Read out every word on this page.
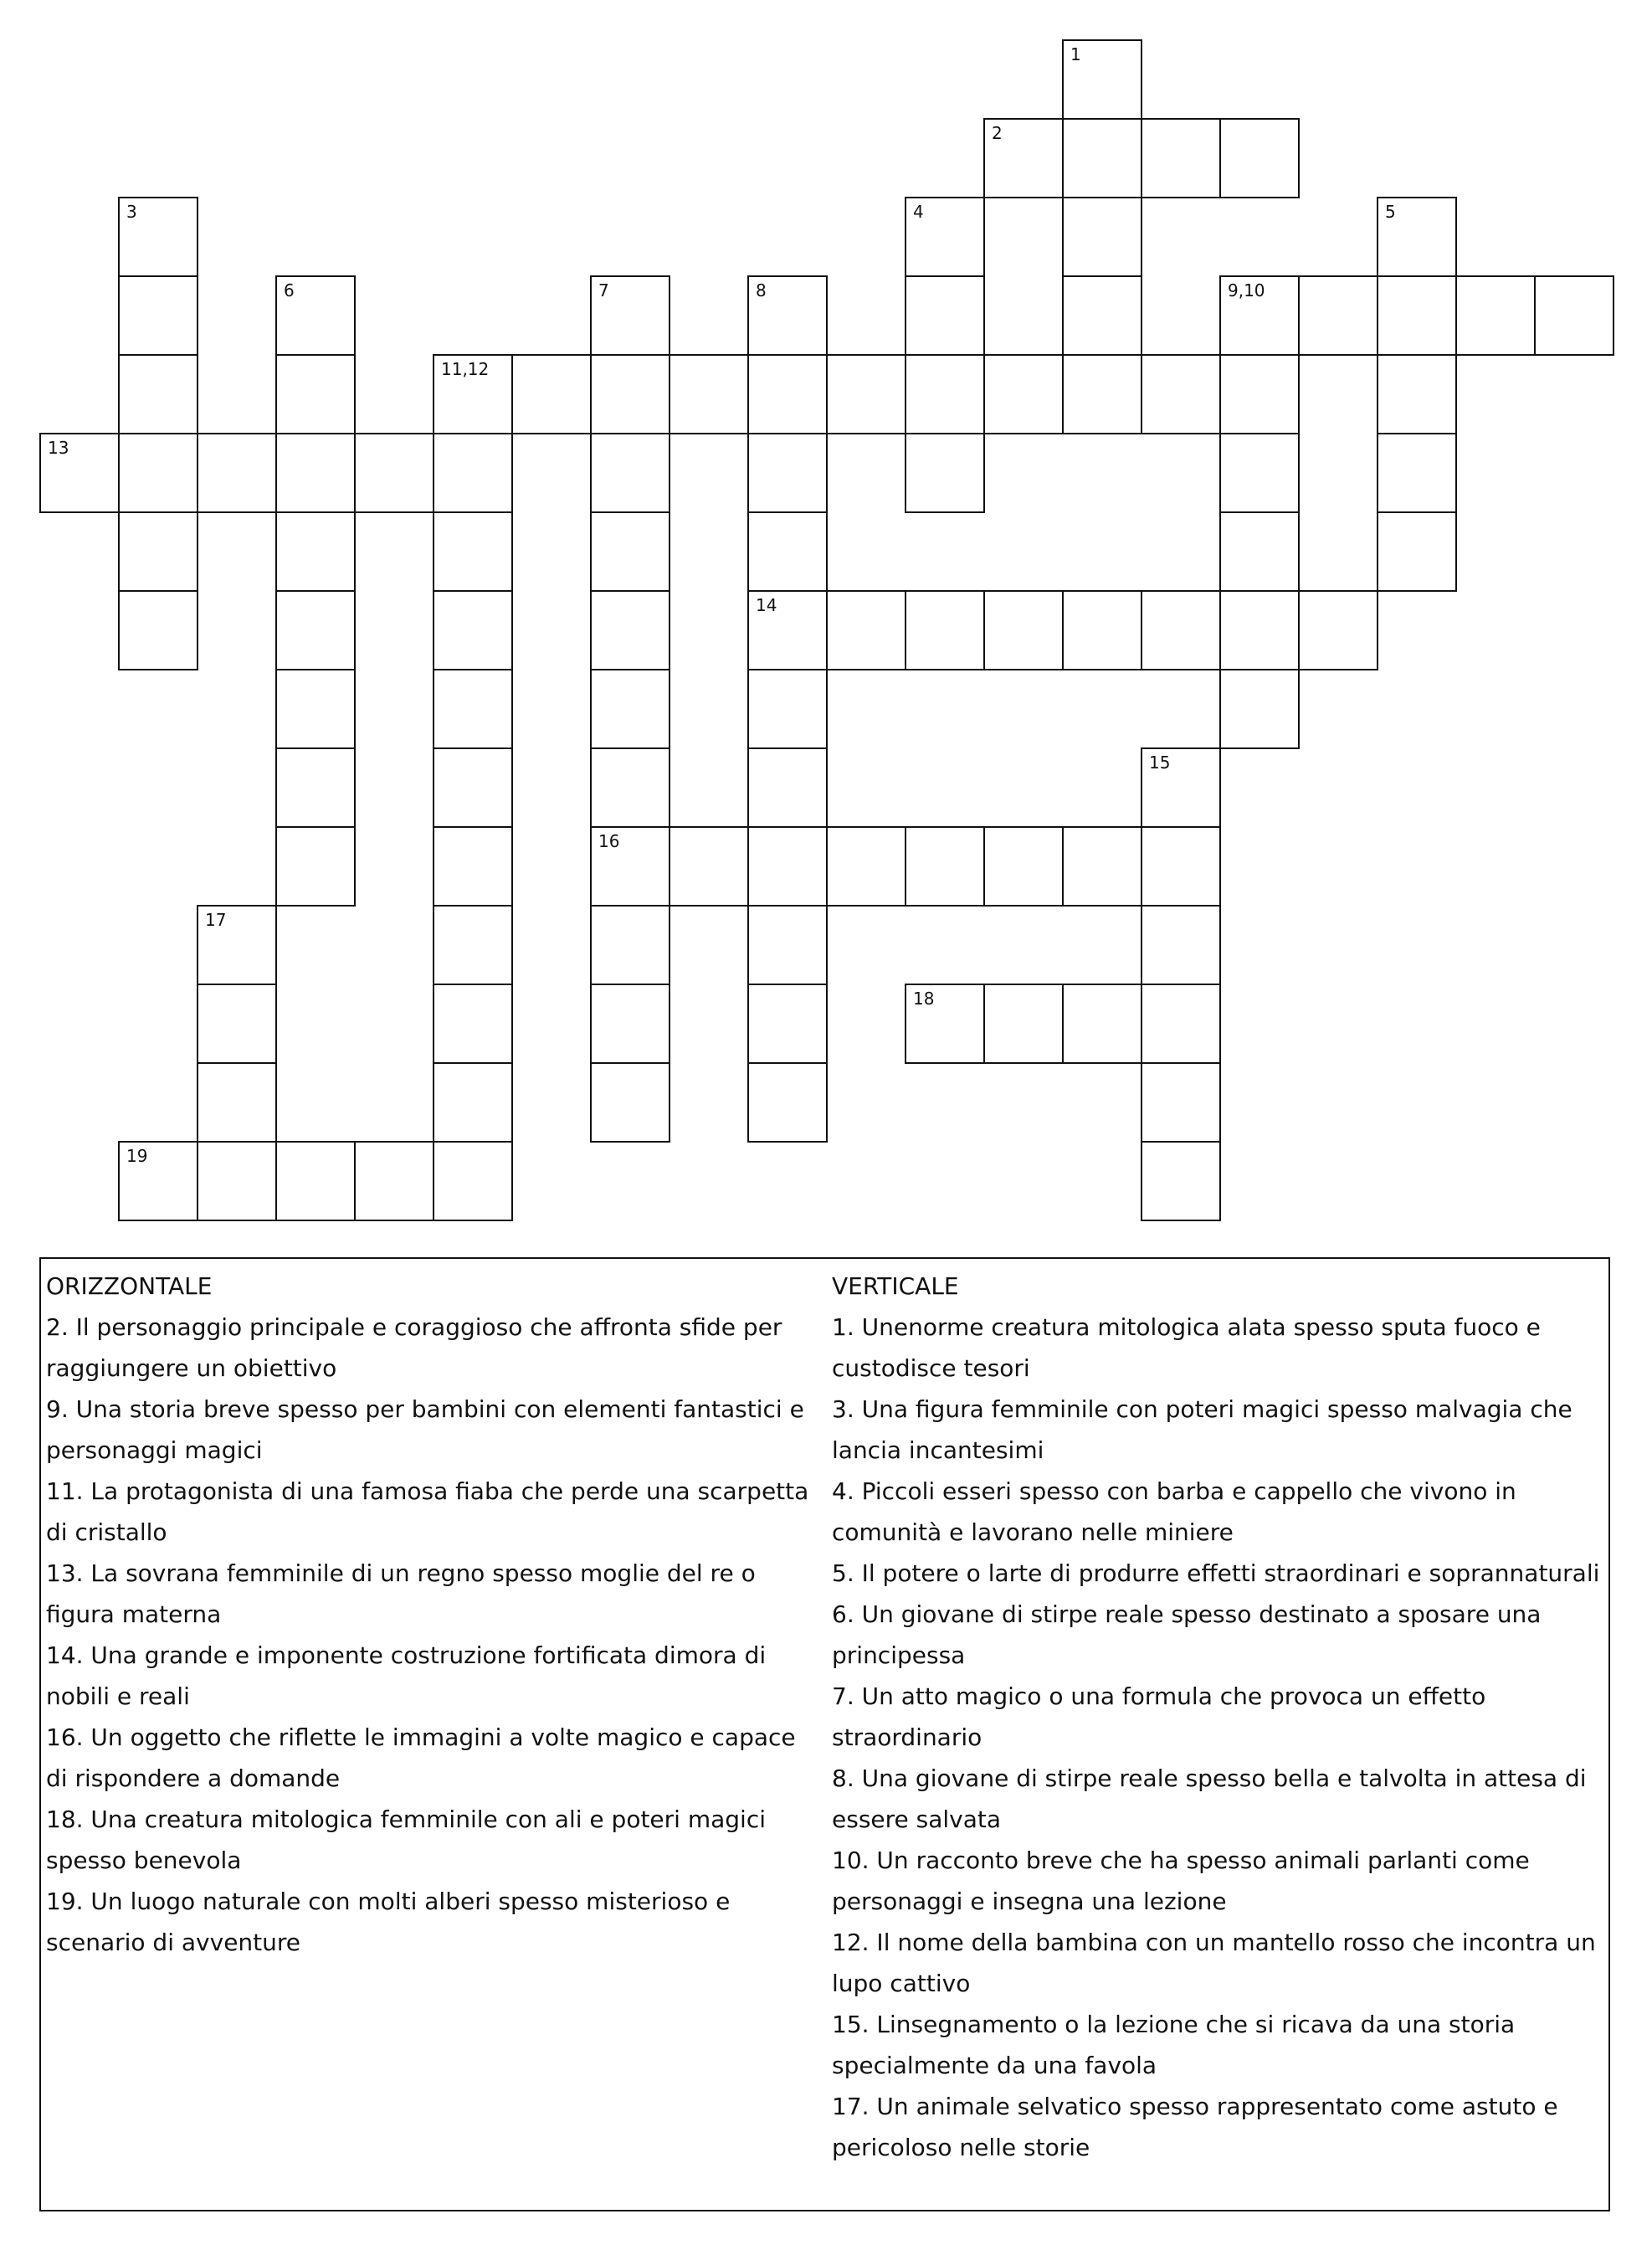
1
2
3	4	5
6	7
16
8
14
9,10
11,12
13
15
17
18
19

ORIZZONTALE

2. Il personaggio principale e coraggioso che affronta sfide per raggiungere un obiettivo

9. Una storia breve spesso per bambini con elementi fantastici e personaggi magici

11. La protagonista di una famosa fiaba che perde una scarpetta di cristallo

13. La sovrana femminile di un regno spesso moglie del re o figura materna

14. Una grande e imponente costruzione fortificata dimora di nobili e reali

16. Un oggetto che riflette le immagini a volte magico e capace di rispondere a domande

18. Una creatura mitologica femminile con ali e poteri magici spesso benevola

19. Un luogo naturale con molti alberi spesso misterioso e scenario di avventure

VERTICALE

1. Unenorme creatura mitologica alata spesso sputa fuoco e custodisce tesori

3. Una figura femminile con poteri magici spesso malvagia che lancia incantesimi

4. Piccoli esseri spesso con barba e cappello che vivono in comunità e lavorano nelle miniere

5. Il potere o larte di produrre effetti straordinari e soprannaturali

6. Un giovane di stirpe reale spesso destinato a sposare una principessa

7. Un atto magico o una formula che provoca un effetto straordinario

8. Una giovane di stirpe reale spesso bella e talvolta in attesa di essere salvata

10. Un racconto breve che ha spesso animali parlanti come personaggi e insegna una lezione

12. Il nome della bambina con un mantello rosso che incontra un lupo cattivo

15. Linsegnamento o la lezione che si ricava da una storia specialmente da una favola

17. Un animale selvatico spesso rappresentato come astuto e pericoloso nelle storie
